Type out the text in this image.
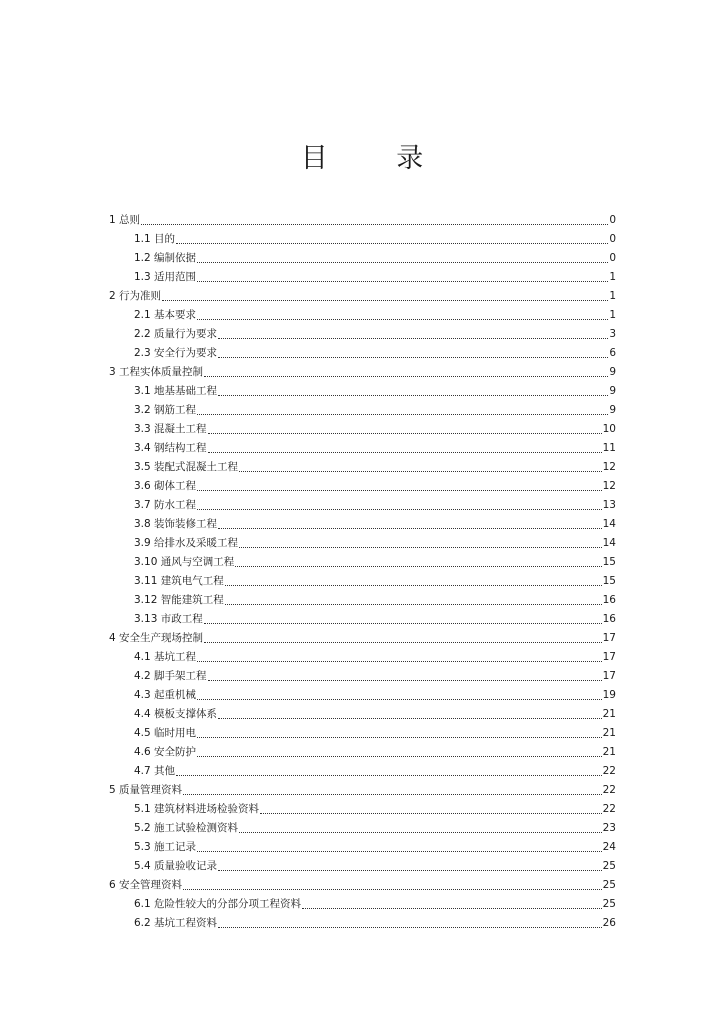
目 录
1 总则	0
1.1 目的	0
1.2 编制依据	0
1.3 适用范围	1
2 行为准则	1
2.1 基本要求	1
2.2 质量行为要求	3
2.3 安全行为要求	6
3 工程实体质量控制	9
3.1 地基基础工程	9
3.2 钢筋工程	9
3.3 混凝土工程	10
3.4 钢结构工程	11
3.5 装配式混凝土工程	12
3.6 砌体工程	12
3.7 防水工程	13
3.8 装饰装修工程	14
3.9 给排水及采暖工程	14
3.10 通风与空调工程	15
3.11 建筑电气工程	15
3.12 智能建筑工程	16
3.13 市政工程	16
4 安全生产现场控制	17
4.1 基坑工程	17
4.2 脚手架工程	17
4.3 起重机械	19
4.4 模板支撑体系	21
4.5 临时用电	21
4.6 安全防护	21
4.7 其他	22
5 质量管理资料	22
5.1 建筑材料进场检验资料	22
5.2 施工试验检测资料	23
5.3 施工记录	24
5.4 质量验收记录	25
6 安全管理资料	25
6.1 危险性较大的分部分项工程资料	25
6.2 基坑工程资料	26
